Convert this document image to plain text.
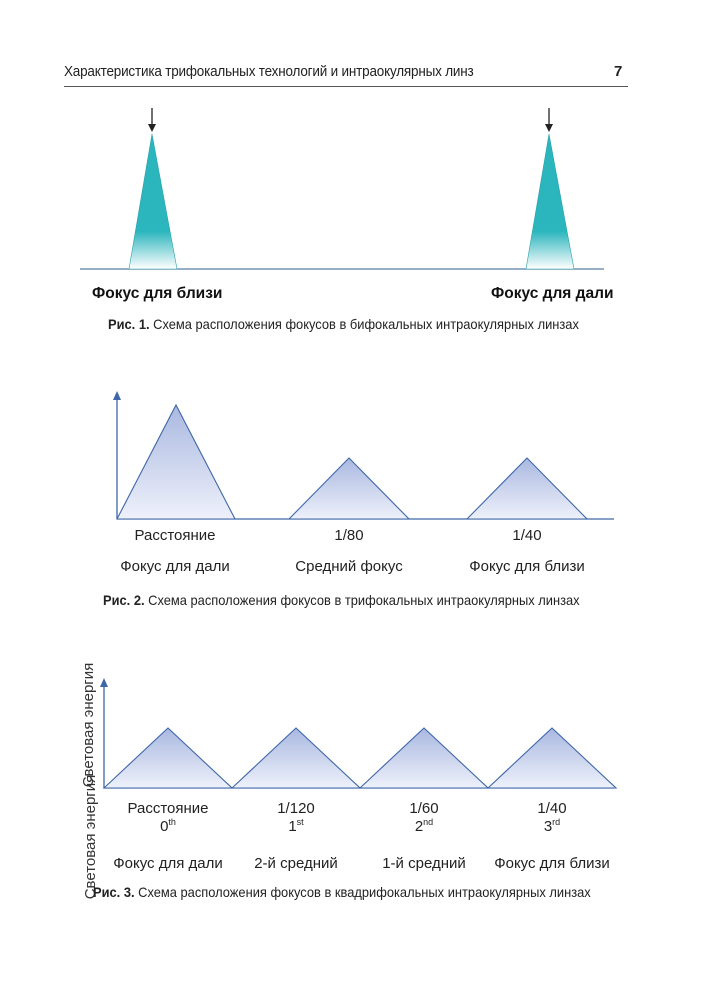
Характеристика трифокальных технологий и интраокулярных линз	7
Фокус для близи	Фокус для дали
Рис. 1. Схема расположения фокусов в бифокальных интраокулярных линзах
Световая энергия
Расстояние	1/80	1/40
Фокус для дали	Средний фокус	Фокус для близи
Рис. 2. Схема расположения фокусов в трифокальных интраокулярных линзах
Световая энергия
Расстояние	1/120	1/60	1/40
0th	1st	2nd	3rd
Фокус для дали	2-й средний	1-й средний	Фокус для близи
Рис. 3. Схема расположения фокусов в квадрифокальных интраокулярных линзах
